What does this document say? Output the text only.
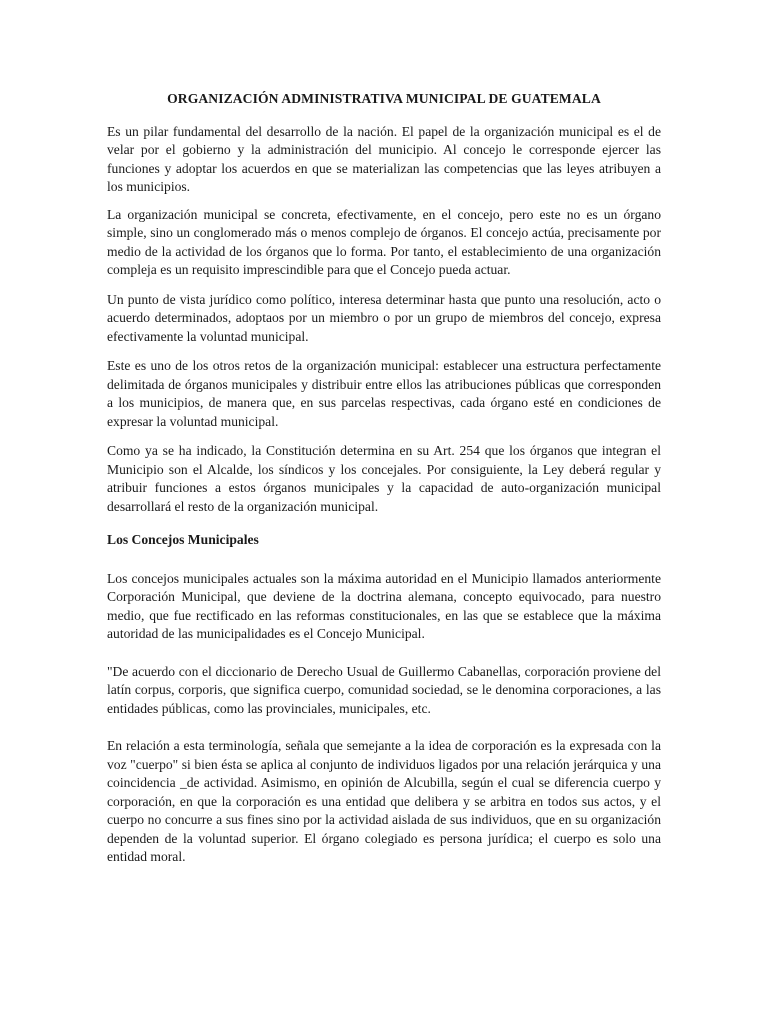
ORGANIZACIÓN ADMINISTRATIVA MUNICIPAL DE GUATEMALA

Es un pilar fundamental del desarrollo de la nación. El papel de la organización municipal es el de velar por el gobierno y la administración del municipio. Al concejo le corresponde ejercer las funciones y adoptar los acuerdos en que se materializan las competencias que las leyes atribuyen a los municipios.

La organización municipal se concreta, efectivamente, en el concejo, pero este no es un órgano simple, sino un conglomerado más o menos complejo de órganos. El concejo actúa, precisamente por medio de la actividad de los órganos que lo forma. Por tanto, el establecimiento de una organización compleja es un requisito imprescindible para que el Concejo pueda actuar.

Un punto de vista jurídico como político, interesa determinar hasta que punto una resolución, acto o acuerdo determinados, adoptaos por un miembro o por un grupo de miembros del concejo, expresa efectivamente la voluntad municipal.

Este es uno de los otros retos de la organización municipal: establecer una estructura perfectamente delimitada de órganos municipales y distribuir entre ellos las atribuciones públicas que corresponden a los municipios, de manera que, en sus parcelas respectivas, cada órgano esté en condiciones de expresar la voluntad municipal.

Como ya se ha indicado, la Constitución determina en su Art. 254 que los órganos que integran el Municipio son el Alcalde, los síndicos y los concejales. Por consiguiente, la Ley deberá regular y atribuir funciones a estos órganos municipales y la capacidad de auto-organización municipal desarrollará el resto de la organización municipal.

Los Concejos Municipales

Los concejos municipales actuales son la máxima autoridad en el Municipio llamados anteriormente Corporación Municipal, que deviene de la doctrina alemana, concepto equivocado, para nuestro medio, que fue rectificado en las reformas constitucionales, en las que se establece que la máxima autoridad de las municipalidades es el Concejo Municipal.

"De acuerdo con el diccionario de Derecho Usual de Guillermo Cabanellas, corporación proviene del latín corpus, corporis, que significa cuerpo, comunidad sociedad, se le denomina corporaciones, a las entidades públicas, como las provinciales, municipales, etc.

En relación a esta terminología, señala que semejante a la idea de corporación es la expresada con la voz "cuerpo" si bien ésta se aplica al conjunto de individuos ligados por una relación jerárquica y una coincidencia _de actividad. Asimismo, en opinión de Alcubilla, según el cual se diferencia cuerpo y corporación, en que la corporación es una entidad que delibera y se arbitra en todos sus actos, y el cuerpo no concurre a sus fines sino por la actividad aislada de sus individuos, que en su organización dependen de la voluntad superior. El órgano colegiado es persona jurídica; el cuerpo es solo una entidad moral.
